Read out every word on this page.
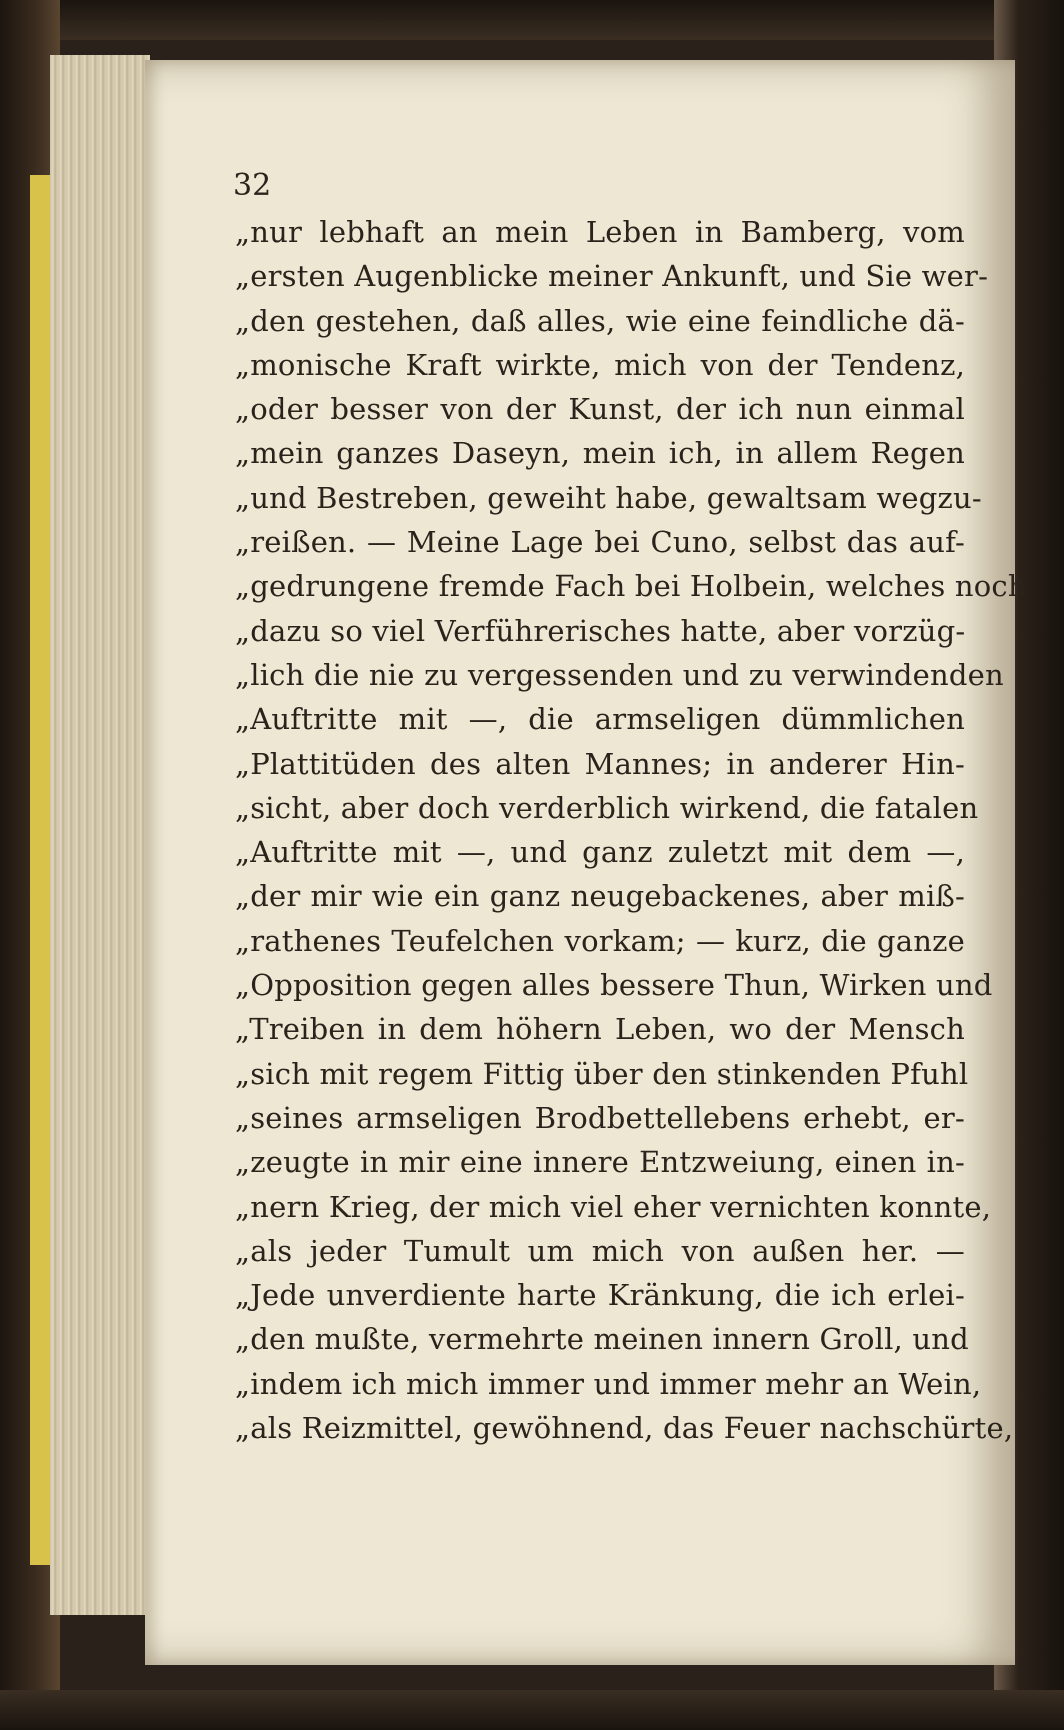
32
„nur lebhaft an mein Leben in Bamberg, vom
„ersten Augenblicke meiner Ankunft, und Sie wer-
„den gestehen, daß alles, wie eine feindliche dä-
„monische Kraft wirkte, mich von der Tendenz,
„oder besser von der Kunst, der ich nun einmal
„mein ganzes Daseyn, mein ich, in allem Regen
„und Bestreben, geweiht habe, gewaltsam wegzu-
„reißen. — Meine Lage bei Cuno, selbst das auf-
„gedrungene fremde Fach bei Holbein, welches noch
„dazu so viel Verführerisches hatte, aber vorzüg-
„lich die nie zu vergessenden und zu verwindenden
„Auftritte mit —, die armseligen dümmlichen
„Plattitüden des alten Mannes; in anderer Hin-
„sicht, aber doch verderblich wirkend, die fatalen
„Auftritte mit —, und ganz zuletzt mit dem —,
„der mir wie ein ganz neugebackenes, aber miß-
„rathenes Teufelchen vorkam; — kurz, die ganze
„Opposition gegen alles bessere Thun, Wirken und
„Treiben in dem höhern Leben, wo der Mensch
„sich mit regem Fittig über den stinkenden Pfuhl
„seines armseligen Brodbettellebens erhebt, er-
„zeugte in mir eine innere Entzweiung, einen in-
„nern Krieg, der mich viel eher vernichten konnte,
„als jeder Tumult um mich von außen her. —
„Jede unverdiente harte Kränkung, die ich erlei-
„den mußte, vermehrte meinen innern Groll, und
„indem ich mich immer und immer mehr an Wein,
„als Reizmittel, gewöhnend, das Feuer nachschürte,
